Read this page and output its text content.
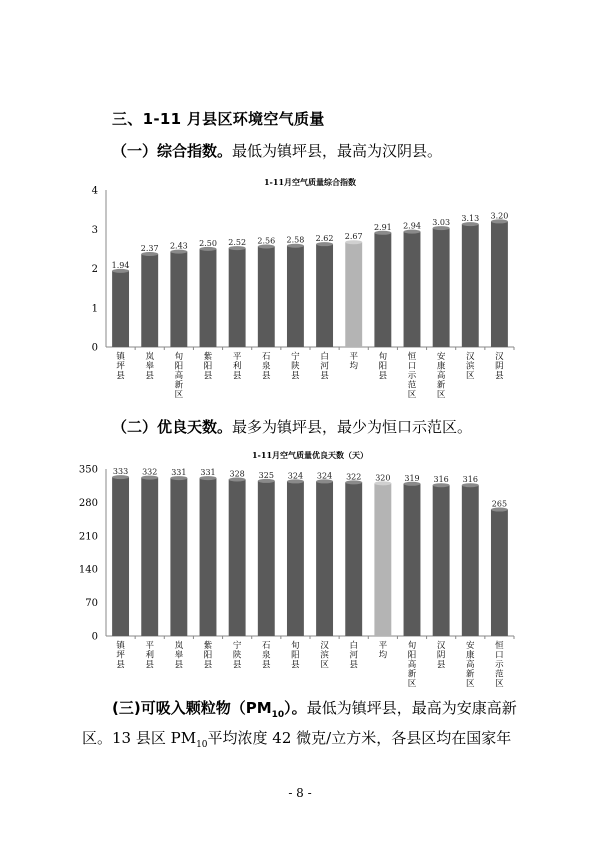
三、1-11 月县区环境空气质量
（一）综合指数。最低为镇坪县，最高为汉阴县。
1-11月空气质量综合指数
0
1
2
3
4
1.94
镇坪县
2.37
岚皋县
2.43
旬阳高新区
2.50
紫阳县
2.52
平利县
2.56
石泉县
2.58
宁陕县
2.62
白河县
2.67
平均
2.91
旬阳县
2.94
恒口示范区
3.03
安康高新区
3.13
汉滨区
3.20
汉阴县
（二）优良天数。最多为镇坪县，最少为恒口示范区。
1-11月空气质量优良天数（天）
0
70
140
210
280
350 333
镇坪县
332
平利县
331
岚皋县
331
紫阳县
328
宁陕县
325
石泉县
324
旬阳县
324
汉滨区
322
白河县
320
平均
319
旬阳高新区
316
汉阴县
316
安康高新区
265
恒口示范区
(三)可吸入颗粒物$(PM_{10})$。最低为镇坪县，最高为安康高新
区。13 县区 $PM_{10}$平均浓度 42 微克/立方米，各县区均在国家年
- 8 -
